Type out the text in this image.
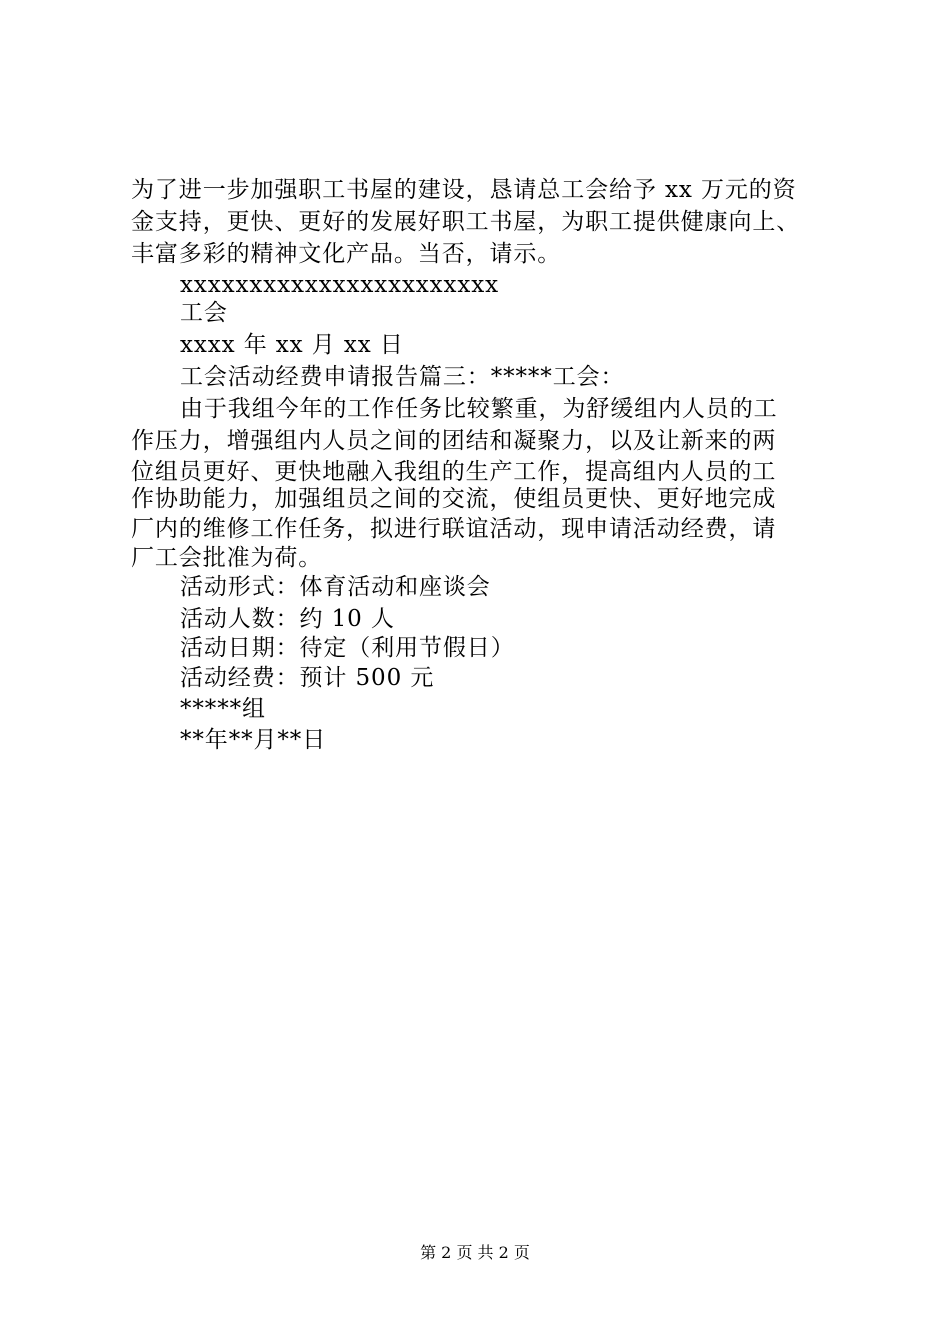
为了进一步加强职工书屋的建设，恳请总工会给予 xx 万元的资
金支持，更快、更好的发展好职工书屋，为职工提供健康向上、
丰富多彩的精神文化产品。当否，请示。
xxxxxxxxxxxxxxxxxxxxxxx
工会
xxxx 年 xx 月 xx 日
工会活动经费申请报告篇三：*****工会：
由于我组今年的工作任务比较繁重，为舒缓组内人员的工
作压力，增强组内人员之间的团结和凝聚力，以及让新来的两
位组员更好、更快地融入我组的生产工作，提高组内人员的工
作协助能力，加强组员之间的交流，使组员更快、更好地完成
厂内的维修工作任务，拟进行联谊活动，现申请活动经费，请
厂工会批准为荷。
活动形式：体育活动和座谈会
活动人数：约 10 人
活动日期：待定（利用节假日）
活动经费：预计 500 元
*****组
**年**月**日
第 2 页 共 2 页
